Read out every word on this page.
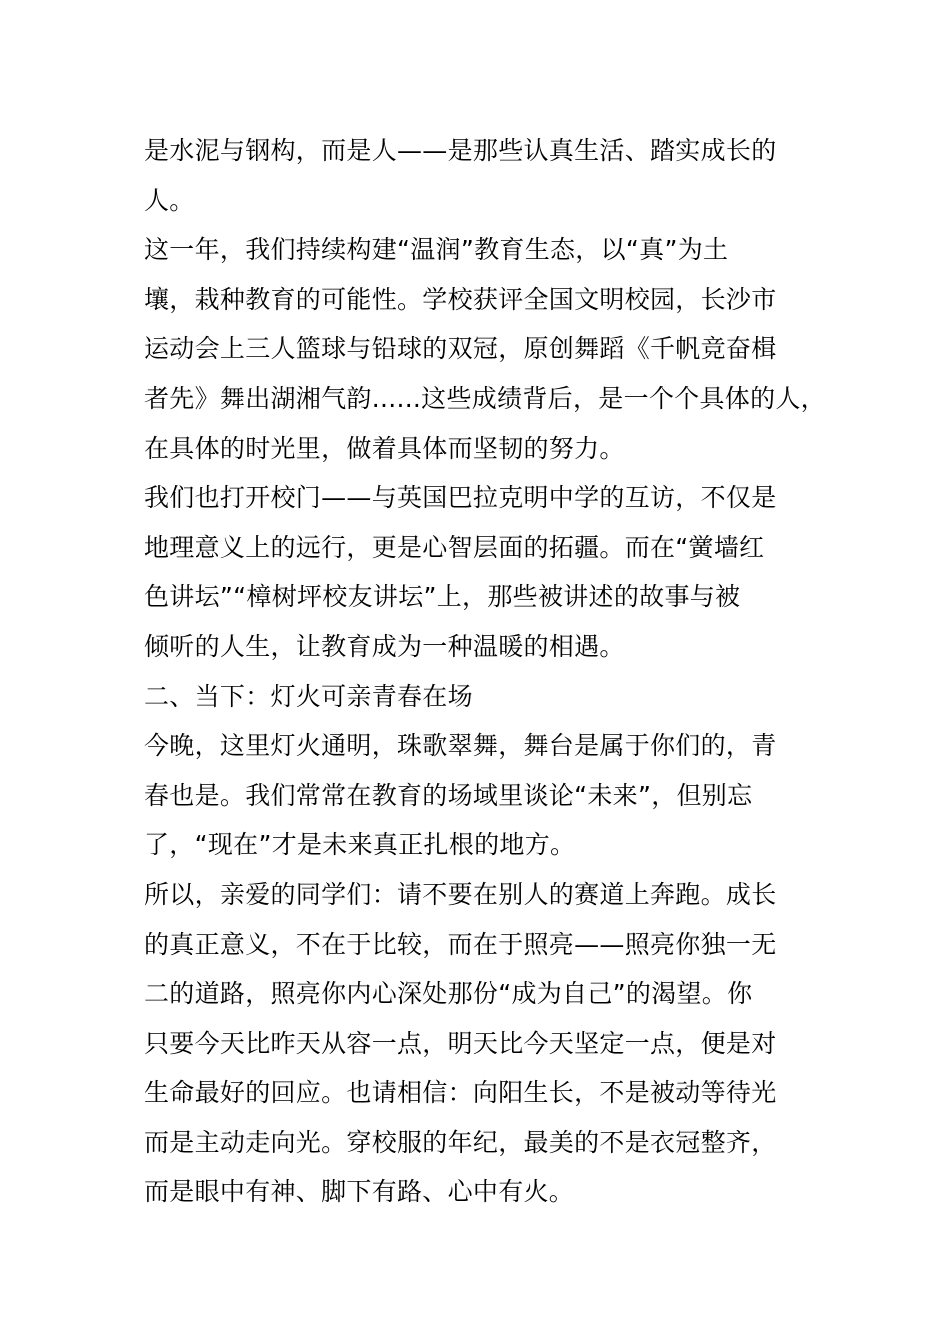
是水泥与钢构，而是人——是那些认真生活、踏实成长的
人。
这一年，我们持续构建“温润”教育生态，以“真”为土
壤，栽种教育的可能性。学校获评全国文明校园，长沙市
运动会上三人篮球与铅球的双冠，原创舞蹈《千帆竞奋楫
者先》舞出湖湘气韵......这些成绩背后，是一个个具体的人，
在具体的时光里，做着具体而坚韧的努力。
我们也打开校门——与英国巴拉克明中学的互访，不仅是
地理意义上的远行，更是心智层面的拓疆。而在“黉墙红
色讲坛”“樟树坪校友讲坛”上，那些被讲述的故事与被
倾听的人生，让教育成为一种温暖的相遇。
二、当下：灯火可亲青春在场
今晚，这里灯火通明，珠歌翠舞，舞台是属于你们的，青
春也是。我们常常在教育的场域里谈论“未来”，但别忘
了，“现在”才是未来真正扎根的地方。
所以，亲爱的同学们：请不要在别人的赛道上奔跑。成长
的真正意义，不在于比较，而在于照亮——照亮你独一无
二的道路，照亮你内心深处那份“成为自己”的渴望。你
只要今天比昨天从容一点，明天比今天坚定一点，便是对
生命最好的回应。也请相信：向阳生长，不是被动等待光
而是主动走向光。穿校服的年纪，最美的不是衣冠整齐，
而是眼中有神、脚下有路、心中有火。
